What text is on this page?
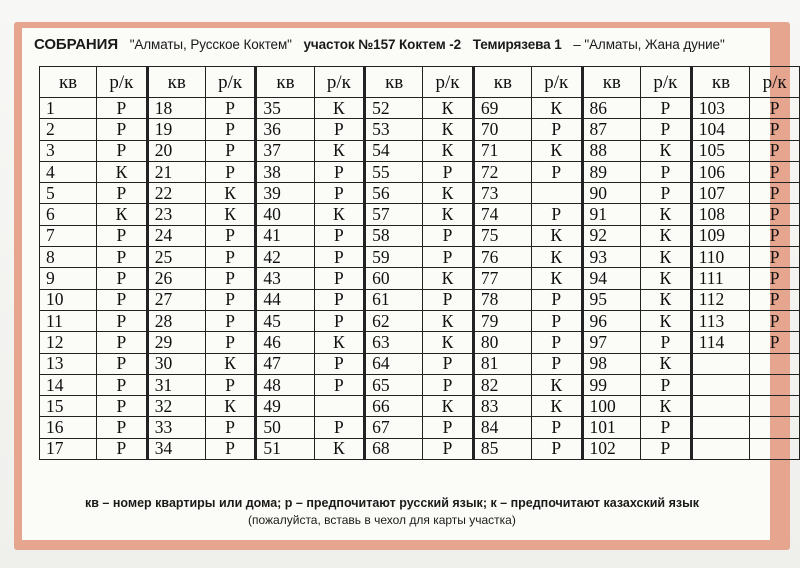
СОБРАНИЯ "Алматы, Русское Коктем" участок №157 Коктем -2 Темирязева 1 – "Алматы, Жана дуние"
кв	р/к	кв	р/к	кв	р/к	кв	р/к	кв	р/к	кв	р/к	кв	р/к
1	Р	18	Р	35	К	52	К	69	К	86	Р	103	Р
2	Р	19	Р	36	Р	53	К	70	Р	87	Р	104	Р
3	Р	20	Р	37	К	54	К	71	К	88	К	105	Р
4	К	21	Р	38	Р	55	Р	72	Р	89	Р	106	Р
5	Р	22	К	39	Р	56	К	73		90	Р	107	Р
6	К	23	К	40	К	57	К	74	Р	91	К	108	Р
7	Р	24	Р	41	Р	58	Р	75	К	92	К	109	Р
8	Р	25	Р	42	Р	59	Р	76	К	93	К	110	Р
9	Р	26	Р	43	Р	60	К	77	К	94	К	111	Р
10	Р	27	Р	44	Р	61	Р	78	Р	95	К	112	Р
11	Р	28	Р	45	Р	62	К	79	Р	96	К	113	Р
12	Р	29	Р	46	К	63	К	80	Р	97	Р	114	Р
13	Р	30	К	47	Р	64	Р	81	Р	98	К		
14	Р	31	Р	48	Р	65	Р	82	К	99	Р		
15	Р	32	К	49		66	К	83	К	100	К		
16	Р	33	Р	50	Р	67	Р	84	Р	101	Р		
17	Р	34	Р	51	К	68	Р	85	Р	102	Р		
кв – номер квартиры или дома; р – предпочитают русский язык; к – предпочитают казахский язык
(пожалуйста, вставь в чехол для карты участка)
